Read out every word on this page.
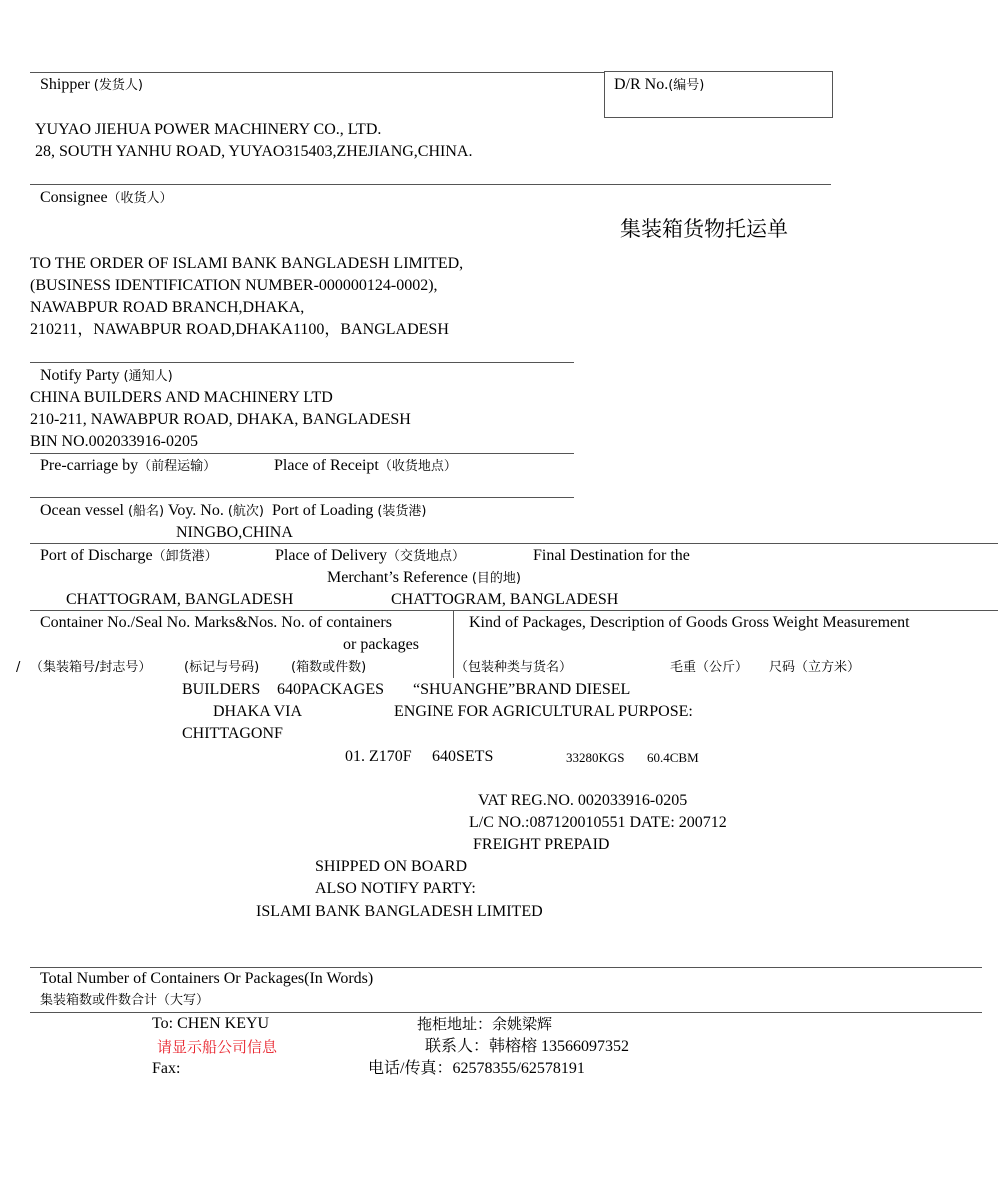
Shipper (发货人)	D/R No.(编号)
YUYAO JIEHUA POWER MACHINERY CO., LTD.
28, SOUTH YANHU ROAD, YUYAO315403,ZHEJIANG,CHINA.
Consignee（收货人）
集装箱货物托运单
TO THE ORDER OF ISLAMI BANK BANGLADESH LIMITED,
(BUSINESS IDENTIFICATION NUMBER-000000124-0002),
NAWABPUR ROAD BRANCH,DHAKA,
210211，NAWABPUR ROAD,DHAKA1100，BANGLADESH
Notify Party (通知人)
CHINA BUILDERS AND MACHINERY LTD
210-211, NAWABPUR ROAD, DHAKA, BANGLADESH
BIN NO.002033916-0205
Pre-carriage by（前程运输）	Place of Receipt（收货地点）
Ocean vessel (船名) Voy. No. (航次) Port of Loading (装货港)
NINGBO,CHINA
Port of Discharge（卸货港）	Place of Delivery（交货地点）	Final Destination for the
Merchant’s Reference (目的地)
CHATTOGRAM, BANGLADESH	CHATTOGRAM, BANGLADESH
Container No./Seal No. Marks&Nos. No. of containers
or packages
Kind of Packages, Description of Goods Gross Weight Measurement
/ （集装箱号/封志号）	(标记与号码) (箱数或件数)	（包装种类与货名）	毛重（公斤） 尺码（立方米）
BUILDERS 640PACKAGES “SHUANGHE”BRAND DIESEL
DHAKA VIA	ENGINE FOR AGRICULTURAL PURPOSE:
CHITTAGONF
01. Z170F 640SETS	33280KGS 60.4CBM
VAT REG.NO. 002033916-0205
L/C NO.:087120010551 DATE: 200712
FREIGHT PREPAID
SHIPPED ON BOARD
ALSO NOTIFY PARTY:
ISLAMI BANK BANGLADESH LIMITED
Total Number of Containers Or Packages(In Words)
集装箱数或件数合计（大写）
To: CHEN KEYU	拖柜地址：余姚梁辉
请显示船公司信息	联系人：韩榕榕 13566097352
Fax:	电话/传真：62578355/62578191
